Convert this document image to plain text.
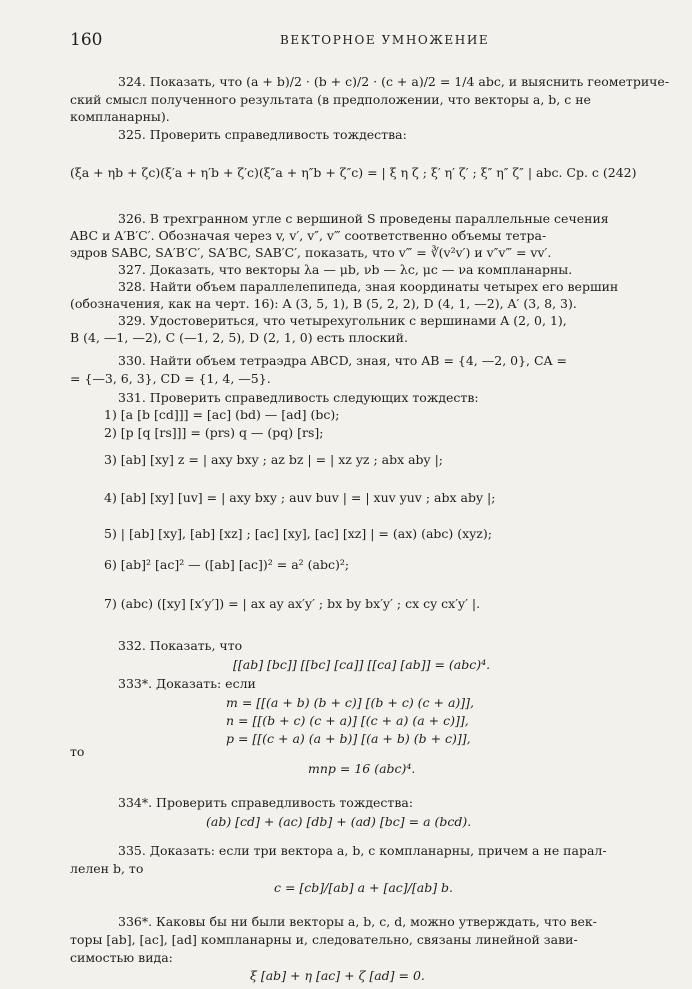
160	ВЕКТОРНОЕ УМНОЖЕНИЕ
324. Показать, что (a + b)/2 · (b + c)/2 · (c + a)/2 = 1/4 abc, и выяснить геометриче-
ский смысл полученного результата (в предположении, что векторы a, b, c не
компланарны).
325. Проверить справедливость тождества:
(ξa + ηb + ζc)(ξ′a + η′b + ζ′c)(ξ″a + η″b + ζ″c) = | ξ η ζ ; ξ′ η′ ζ′ ; ξ″ η″ ζ″ | abc. Ср. с (242)
326. В трехгранном угле с вершиной S проведены параллельные сечения
ABC и A′B′C′. Обозначая через v, v′, v″, v‴ соответственно объемы тетра-
эдров SABC, SA′B′C′, SA′BC, SAB′C′, показать, что v‴ = ∛(v²v′) и v″v‴ = vv′.
327. Доказать, что векторы λa — μb, νb — λc, μc — νa компланарны.
328. Найти объем параллелепипеда, зная координаты четырех его вершин
(обозначения, как на черт. 16): A (3, 5, 1), B (5, 2, 2), D (4, 1, —2), A′ (3, 8, 3).
329. Удостовериться, что четырехугольник с вершинами A (2, 0, 1),
B (4, —1, —2), C (—1, 2, 5), D (2, 1, 0) есть плоский.
330. Найти объем тетраэдра ABCD, зная, что AB = {4, —2, 0}, CA =
= {—3, 6, 3}, CD = {1, 4, —5}.
331. Проверить справедливость следующих тождеств:
1) [a [b [cd]]] = [ac] (bd) — [ad] (bc);
2) [p [q [rs]]] = (prs) q — (pq) [rs];
3) [ab] [xy] z = | axy bxy ; az bz | = | xz yz ; abx aby |;
4) [ab] [xy] [uv] = | axy bxy ; auv buv | = | xuv yuv ; abx aby |;
5) | [ab] [xy], [ab] [xz] ; [ac] [xy], [ac] [xz] | = (ax) (abc) (xyz);
6) [ab]² [ac]² — ([ab] [ac])² = a² (abc)²;
7) (abc) ([xy] [x′y′]) = | ax ay ax′y′ ; bx by bx′y′ ; cx cy cx′y′ |.
332. Показать, что
[[ab] [bc]] [[bc] [ca]] [[ca] [ab]] = (abc)⁴.
333*. Доказать: если
m = [[(a + b) (b + c)] [(b + c) (c + a)]],
n = [[(b + c) (c + a)] [(c + a) (a + c)]],
p = [[(c + a) (a + b)] [(a + b) (b + c)]],
то
mnp = 16 (abc)⁴.
334*. Проверить справедливость тождества:
(ab) [cd] + (ac) [db] + (ad) [bc] = a (bcd).
335. Доказать: если три вектора a, b, c компланарны, причем a не парал-
лелен b, то
c = [cb]/[ab] a + [ac]/[ab] b.
336*. Каковы бы ни были векторы a, b, c, d, можно утверждать, что век-
торы [ab], [ac], [ad] компланарны и, следовательно, связаны линейной зави-
симостью вида:
ξ [ab] + η [ac] + ζ [ad] = 0.
